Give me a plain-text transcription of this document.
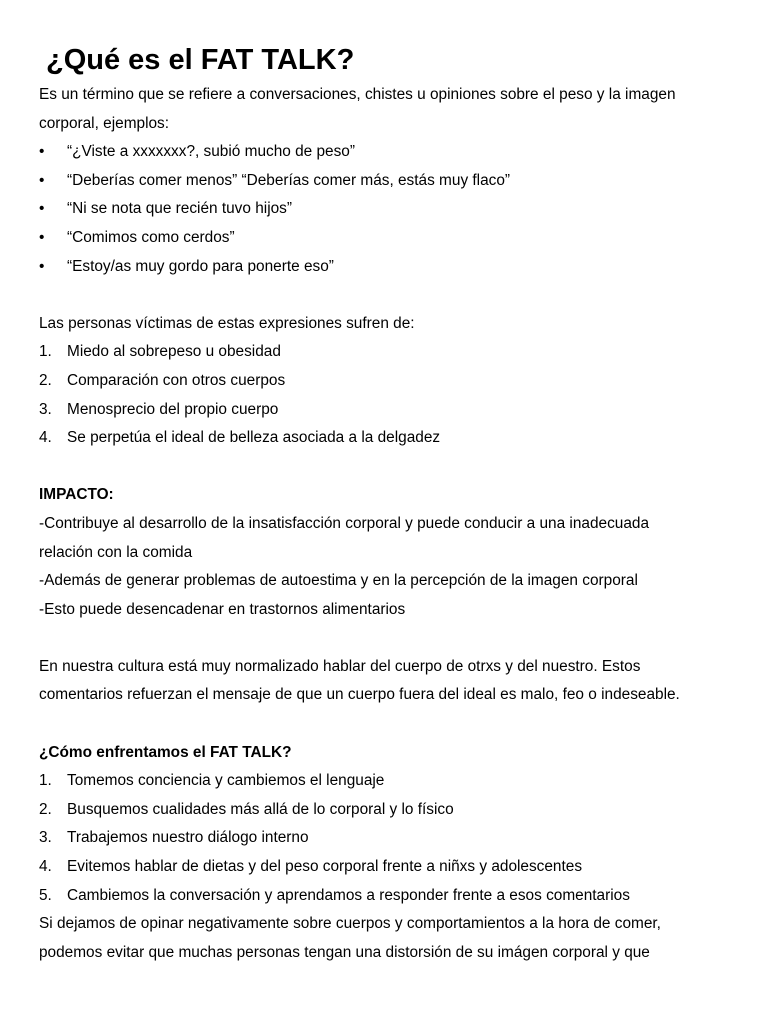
¿Qué es el FAT TALK?
Es un término que se refiere a conversaciones, chistes u opiniones sobre el peso y la imagen
corporal, ejemplos:
•	“¿Viste a xxxxxxx?, subió mucho de peso”
•	“Deberías comer menos” “Deberías comer más, estás muy flaco”
•	“Ni se nota que recién tuvo hijos”
•	“Comimos como cerdos”
•	“Estoy/as muy gordo para ponerte eso”
Las personas víctimas de estas expresiones sufren de:
1. Miedo al sobrepeso u obesidad
2. Comparación con otros cuerpos
3. Menosprecio del propio cuerpo
4. Se perpetúa el ideal de belleza asociada a la delgadez
IMPACTO:
-Contribuye al desarrollo de la insatisfacción corporal y puede conducir a una inadecuada
relación con la comida
-Además de generar problemas de autoestima y en la percepción de la imagen corporal
-Esto puede desencadenar en trastornos alimentarios
En nuestra cultura está muy normalizado hablar del cuerpo de otrxs y del nuestro. Estos
comentarios refuerzan el mensaje de que un cuerpo fuera del ideal es malo, feo o indeseable.
¿Cómo enfrentamos el FAT TALK?
1. Tomemos conciencia y cambiemos el lenguaje
2. Busquemos cualidades más allá de lo corporal y lo físico
3. Trabajemos nuestro diálogo interno
4. Evitemos hablar de dietas y del peso corporal frente a niñxs y adolescentes
5. Cambiemos la conversación y aprendamos a responder frente a esos comentarios
Si dejamos de opinar negativamente sobre cuerpos y comportamientos a la hora de comer,
podemos evitar que muchas personas tengan una distorsión de su imágen corporal y que
